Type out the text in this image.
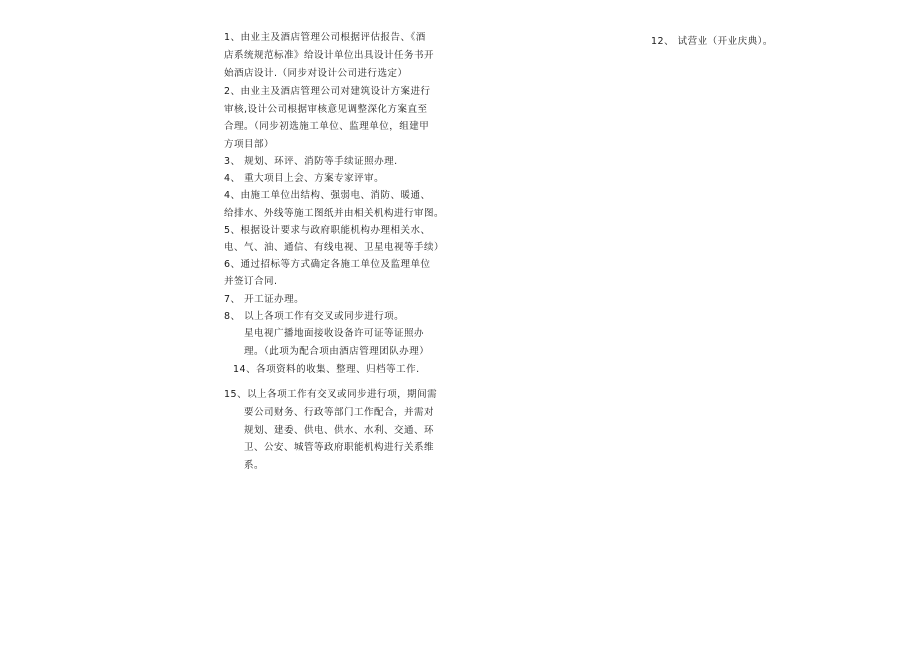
1、由业主及酒店管理公司根据评估报告、《酒
店系统规范标准》给设计单位出具设计任务书开
始酒店设计.（同步对设计公司进行选定）
2、由业主及酒店管理公司对建筑设计方案进行
审核,设计公司根据审核意见调整深化方案直至
合理。（同步初选施工单位、监理单位，组建甲
方项目部）
3、 规划、环评、消防等手续证照办理.
4、 重大项目上会、方案专家评审。
4、由施工单位出结构、强弱电、消防、暖通、
给排水、外线等施工图纸并由相关机构进行审图。
5、根据设计要求与政府职能机构办理相关水、
电、气、油、通信、有线电视、卫星电视等手续）
6、通过招标等方式确定各施工单位及监理单位
并签订合同.
7、 开工证办理。
8、 以上各项工作有交叉或同步进行项。
星电视广播地面接收设备许可证等证照办
理。（此项为配合项由酒店管理团队办理）
14、各项资料的收集、整理、归档等工作.
15、以上各项工作有交叉或同步进行项，期间需
要公司财务、行政等部门工作配合，并需对
规划、建委、供电、供水、水利、交通、环
卫、公安、城管等政府职能机构进行关系维
系。
12、 试营业（开业庆典）。
